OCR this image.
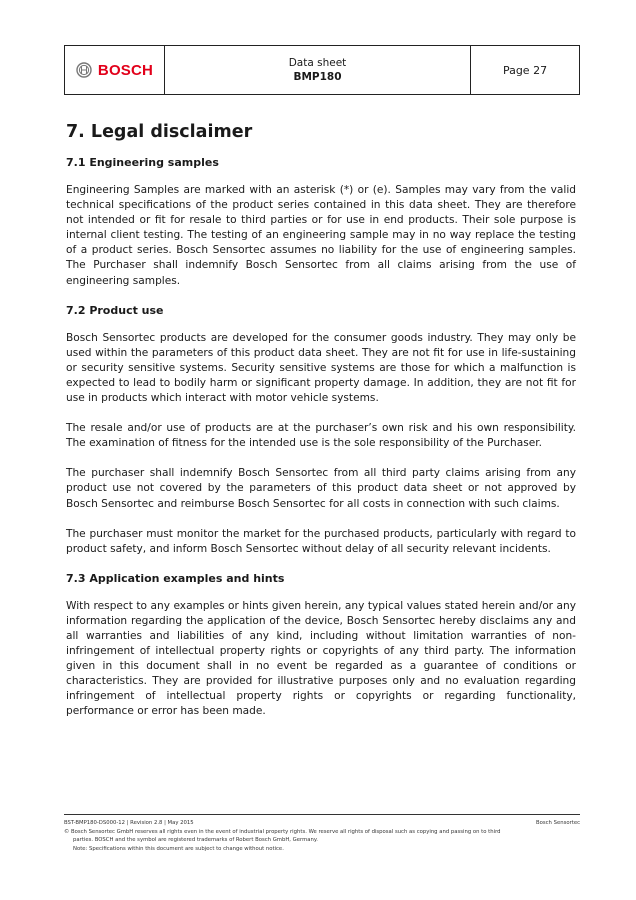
BOSCH	Data sheet
BMP180
Page 27
7. Legal disclaimer
7.1 Engineering samples

Engineering Samples are marked with an asterisk (*) or (e). Samples may vary from the valid technical specifications of the product series contained in this data sheet. They are therefore not intended or fit for resale to third parties or for use in end products. Their sole purpose is internal client testing. The testing of an engineering sample may in no way replace the testing of a product series. Bosch Sensortec assumes no liability for the use of engineering samples. The Purchaser shall indemnify Bosch Sensortec from all claims arising from the use of engineering samples.

7.2 Product use

Bosch Sensortec products are developed for the consumer goods industry. They may only be used within the parameters of this product data sheet. They are not fit for use in life-sustaining or security sensitive systems. Security sensitive systems are those for which a malfunction is expected to lead to bodily harm or significant property damage. In addition, they are not fit for use in products which interact with motor vehicle systems.

The resale and/or use of products are at the purchaser’s own risk and his own responsibility. The examination of fitness for the intended use is the sole responsibility of the Purchaser.

The purchaser shall indemnify Bosch Sensortec from all third party claims arising from any product use not covered by the parameters of this product data sheet or not approved by Bosch Sensortec and reimburse Bosch Sensortec for all costs in connection with such claims.

The purchaser must monitor the market for the purchased products, particularly with regard to product safety, and inform Bosch Sensortec without delay of all security relevant incidents.

7.3 Application examples and hints

With respect to any examples or hints given herein, any typical values stated herein and/or any information regarding the application of the device, Bosch Sensortec hereby disclaims any and all warranties and liabilities of any kind, including without limitation warranties of non-infringement of intellectual property rights or copyrights of any third party. The information given in this document shall in no event be regarded as a guarantee of conditions or characteristics. They are provided for illustrative purposes only and no evaluation regarding infringement of intellectual property rights or copyrights or regarding functionality, performance or error has been made.

BST-BMP180-DS000-12 | Revision 2.8 | May 2015	Bosch Sensortec
© Bosch Sensortec GmbH reserves all rights even in the event of industrial property rights. We reserve all rights of disposal such as copying and passing on to third
parties. BOSCH and the symbol are registered trademarks of Robert Bosch GmbH, Germany.
Note: Specifications within this document are subject to change without notice.
